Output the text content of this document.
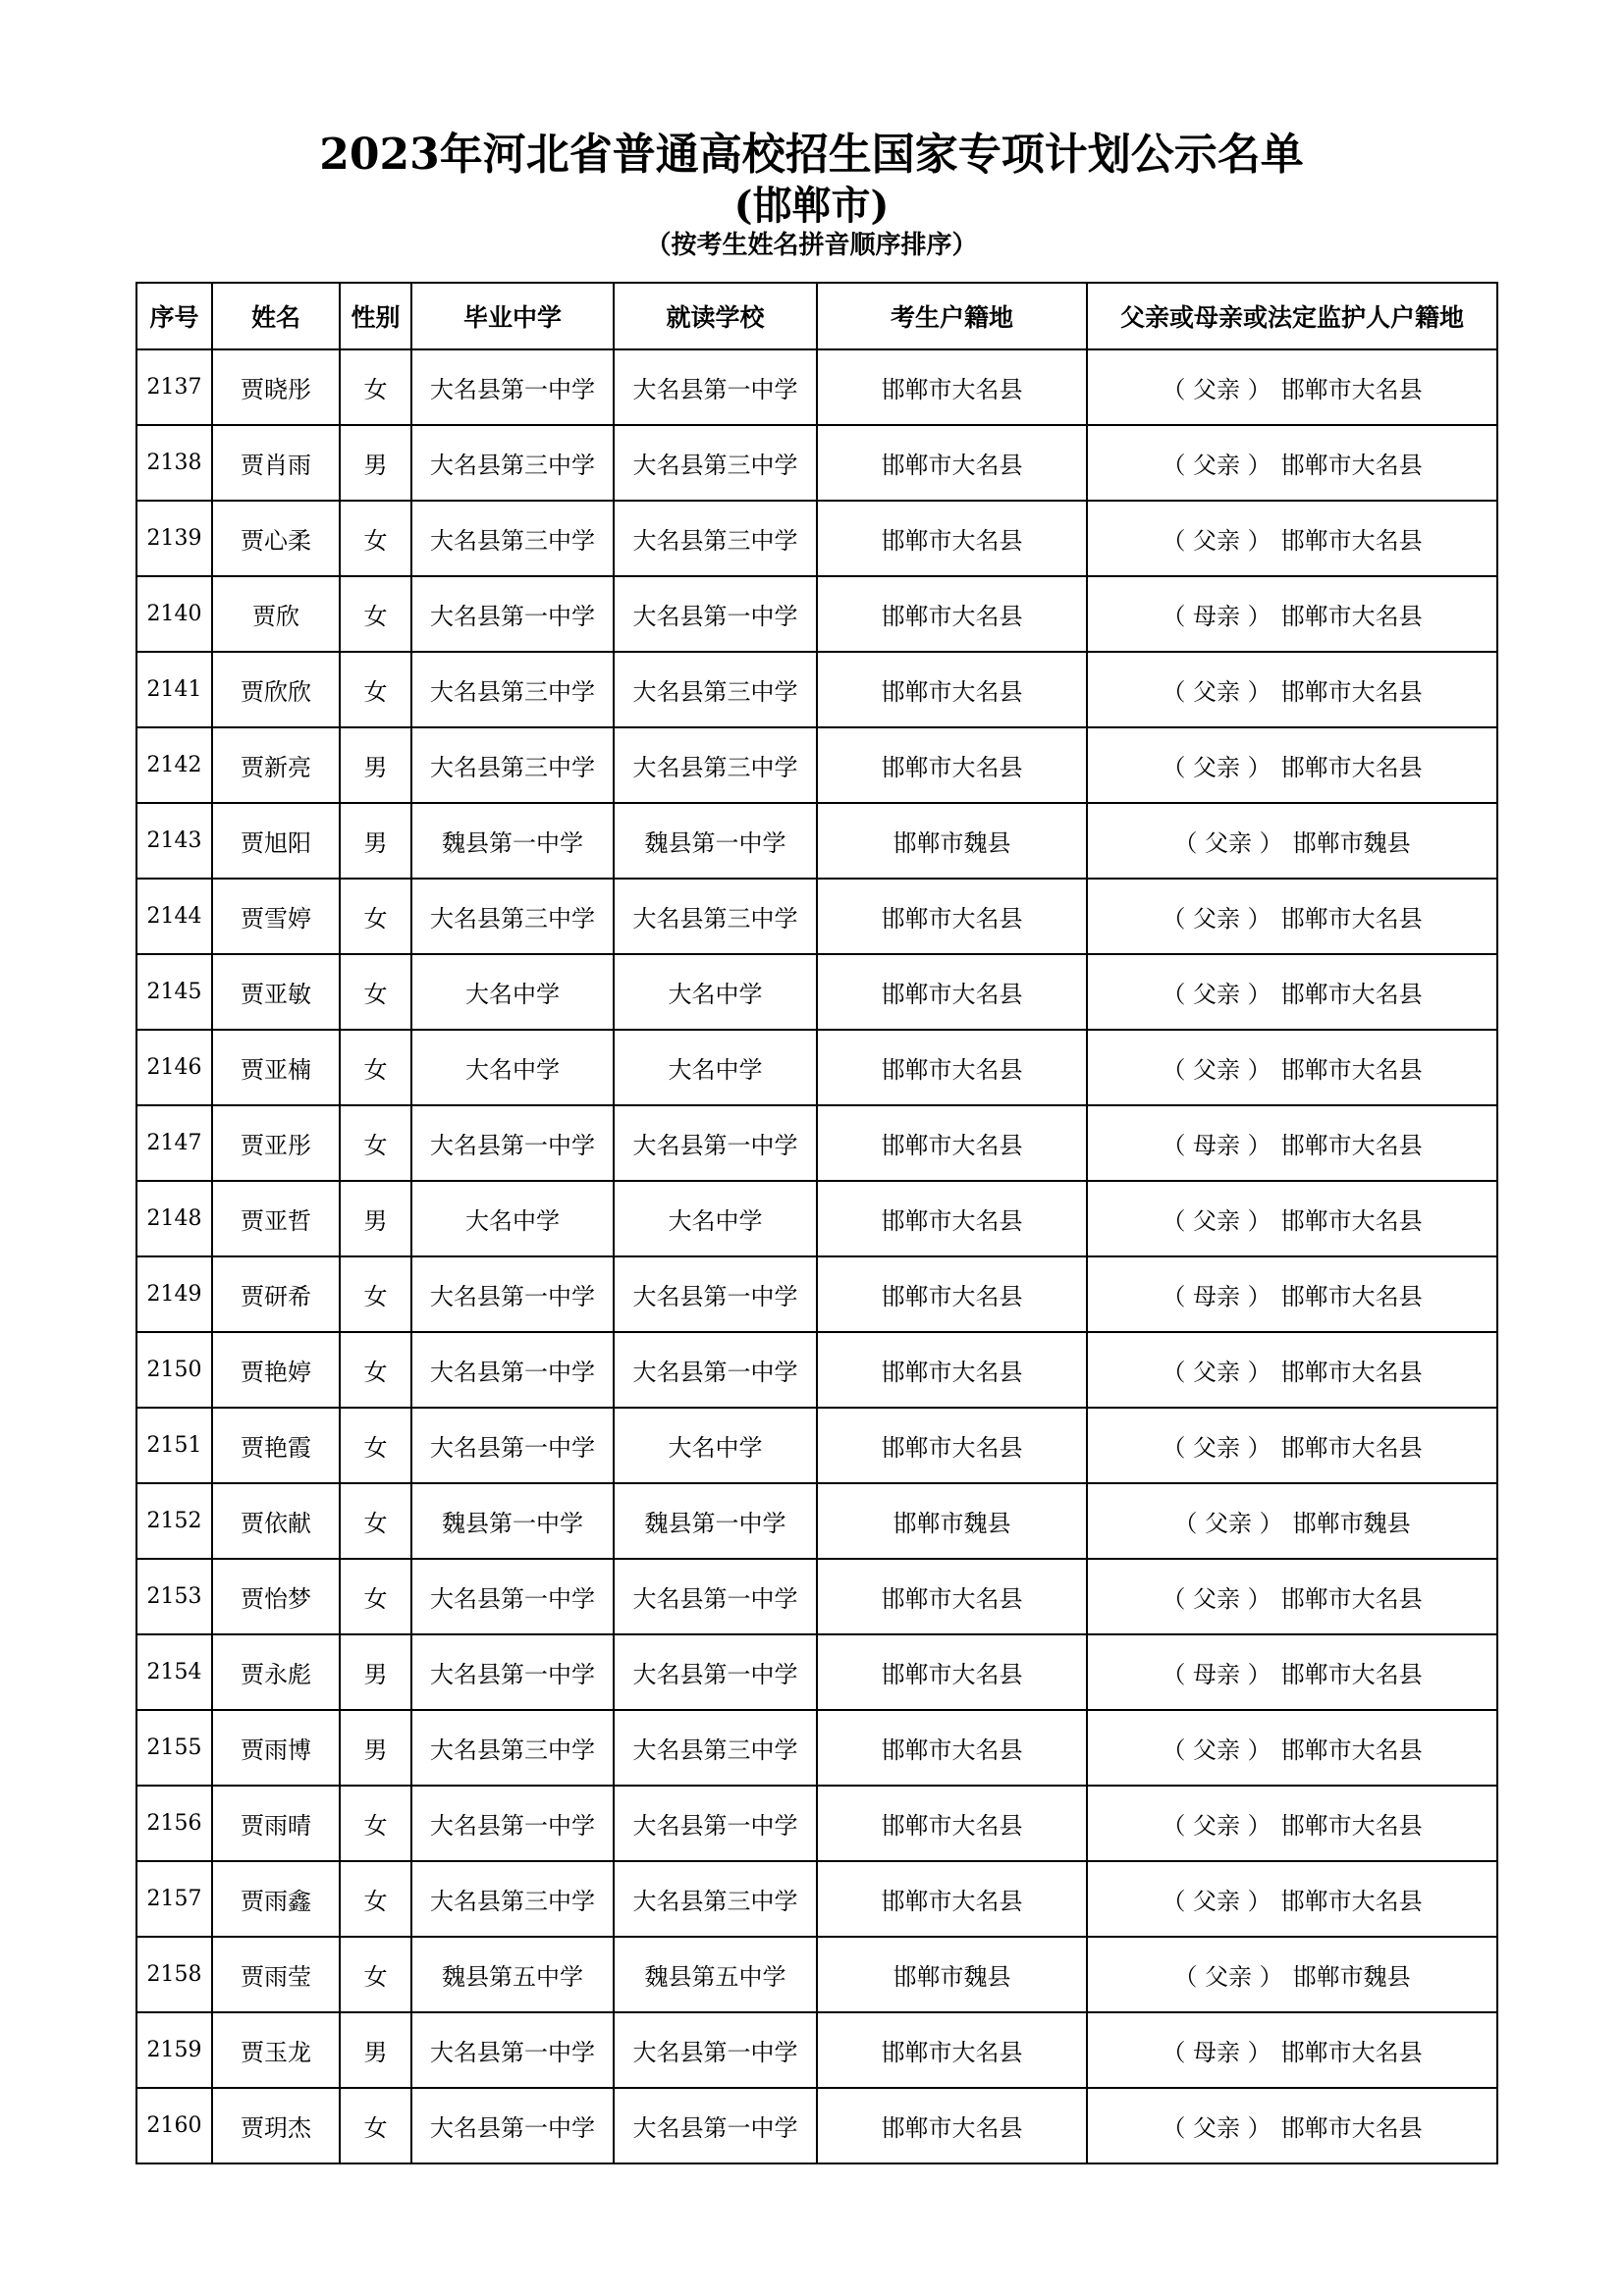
2023年河北省普通高校招生国家专项计划公示名单
(邯郸市)
（按考生姓名拼音顺序排序）
序号	姓名	性别	毕业中学	就读学校	考生户籍地	父亲或母亲或法定监护人户籍地
2137	贾晓彤	女	大名县第一中学	大名县第一中学	邯郸市大名县	（ 父亲 ） 邯郸市大名县
2138	贾肖雨	男	大名县第三中学	大名县第三中学	邯郸市大名县	（ 父亲 ） 邯郸市大名县
2139	贾心柔	女	大名县第三中学	大名县第三中学	邯郸市大名县	（ 父亲 ） 邯郸市大名县
2140	贾欣	女	大名县第一中学	大名县第一中学	邯郸市大名县	（ 母亲 ） 邯郸市大名县
2141	贾欣欣	女	大名县第三中学	大名县第三中学	邯郸市大名县	（ 父亲 ） 邯郸市大名县
2142	贾新亮	男	大名县第三中学	大名县第三中学	邯郸市大名县	（ 父亲 ） 邯郸市大名县
2143	贾旭阳	男	魏县第一中学	魏县第一中学	邯郸市魏县	（ 父亲 ） 邯郸市魏县
2144	贾雪婷	女	大名县第三中学	大名县第三中学	邯郸市大名县	（ 父亲 ） 邯郸市大名县
2145	贾亚敏	女	大名中学	大名中学	邯郸市大名县	（ 父亲 ） 邯郸市大名县
2146	贾亚楠	女	大名中学	大名中学	邯郸市大名县	（ 父亲 ） 邯郸市大名县
2147	贾亚彤	女	大名县第一中学	大名县第一中学	邯郸市大名县	（ 母亲 ） 邯郸市大名县
2148	贾亚哲	男	大名中学	大名中学	邯郸市大名县	（ 父亲 ） 邯郸市大名县
2149	贾研希	女	大名县第一中学	大名县第一中学	邯郸市大名县	（ 母亲 ） 邯郸市大名县
2150	贾艳婷	女	大名县第一中学	大名县第一中学	邯郸市大名县	（ 父亲 ） 邯郸市大名县
2151	贾艳霞	女	大名县第一中学	大名中学	邯郸市大名县	（ 父亲 ） 邯郸市大名县
2152	贾依献	女	魏县第一中学	魏县第一中学	邯郸市魏县	（ 父亲 ） 邯郸市魏县
2153	贾怡梦	女	大名县第一中学	大名县第一中学	邯郸市大名县	（ 父亲 ） 邯郸市大名县
2154	贾永彪	男	大名县第一中学	大名县第一中学	邯郸市大名县	（ 母亲 ） 邯郸市大名县
2155	贾雨博	男	大名县第三中学	大名县第三中学	邯郸市大名县	（ 父亲 ） 邯郸市大名县
2156	贾雨晴	女	大名县第一中学	大名县第一中学	邯郸市大名县	（ 父亲 ） 邯郸市大名县
2157	贾雨鑫	女	大名县第三中学	大名县第三中学	邯郸市大名县	（ 父亲 ） 邯郸市大名县
2158	贾雨莹	女	魏县第五中学	魏县第五中学	邯郸市魏县	（ 父亲 ） 邯郸市魏县
2159	贾玉龙	男	大名县第一中学	大名县第一中学	邯郸市大名县	（ 母亲 ） 邯郸市大名县
2160	贾玥杰	女	大名县第一中学	大名县第一中学	邯郸市大名县	（ 父亲 ） 邯郸市大名县
